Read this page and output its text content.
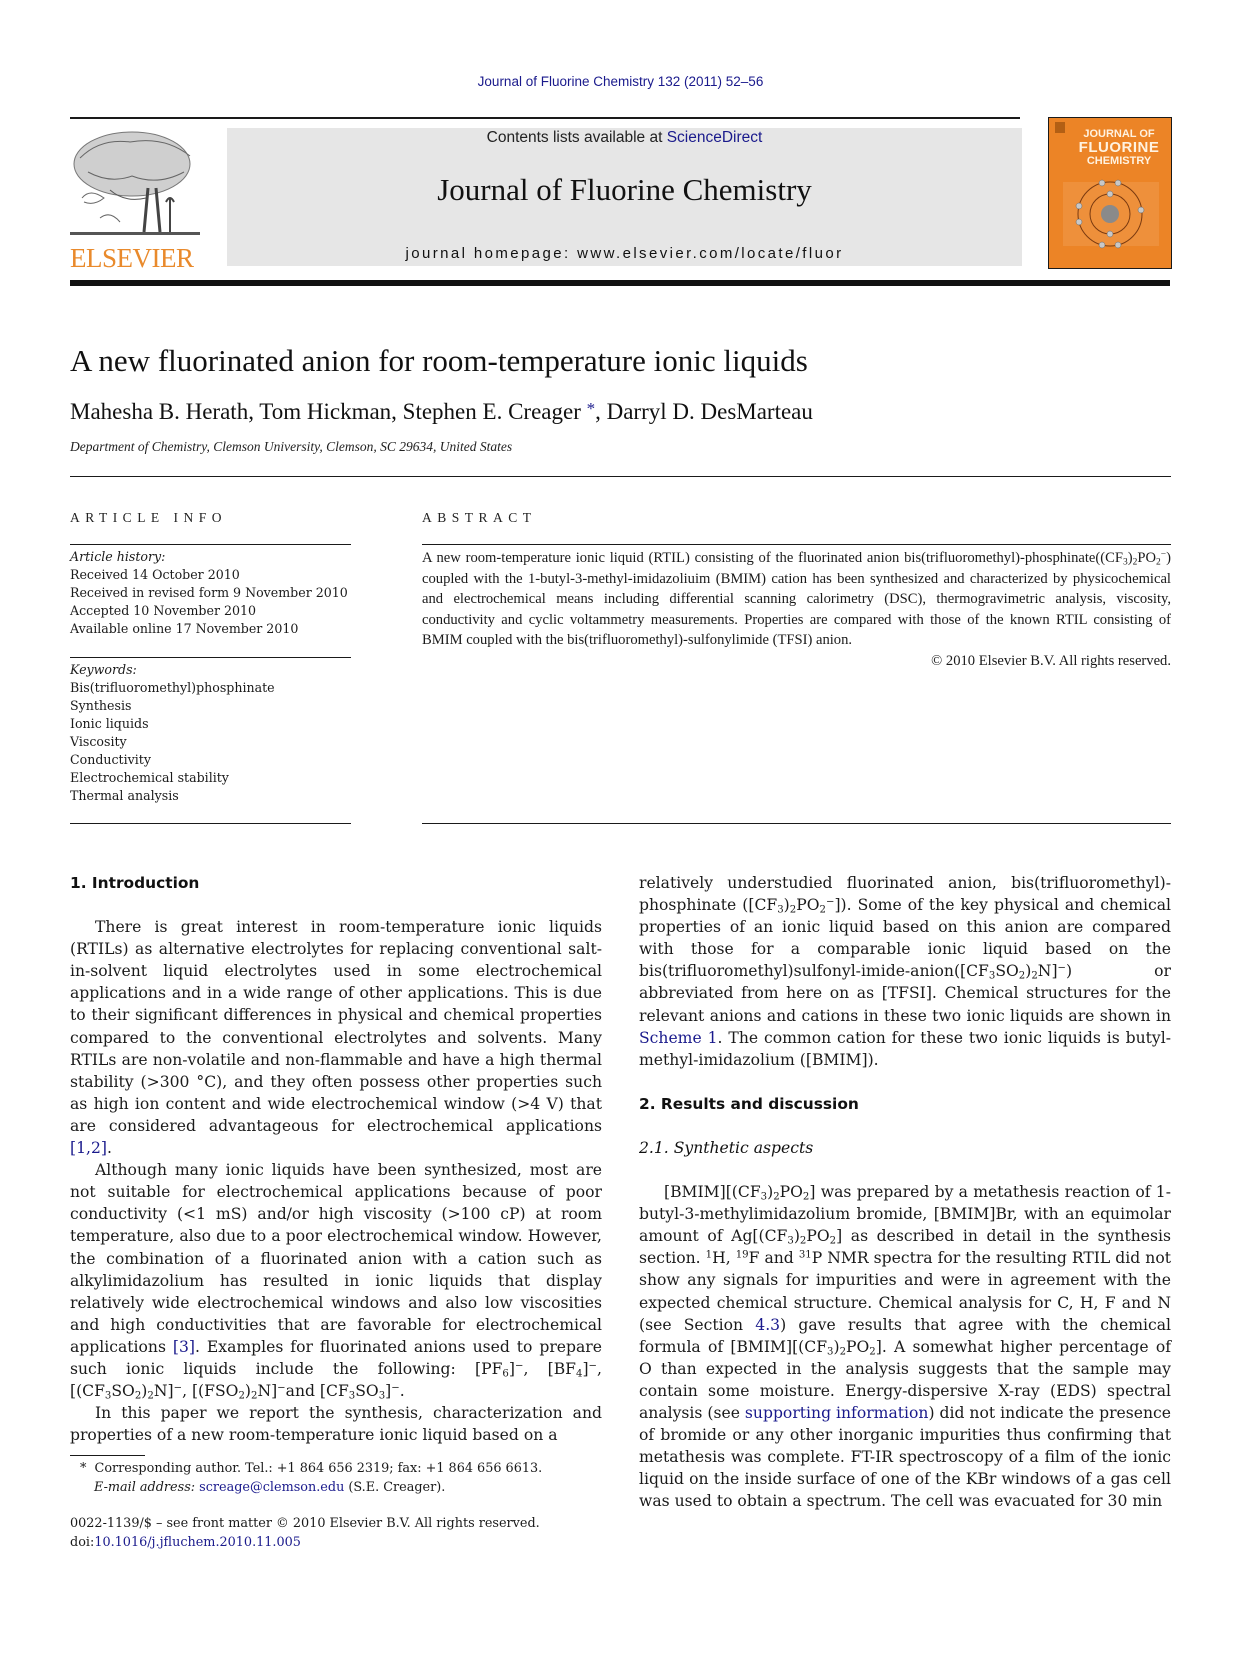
Journal of Fluorine Chemistry 132 (2011) 52–56
ELSEVIER
Contents lists available at ScienceDirect
Journal of Fluorine Chemistry
journal homepage: www.elsevier.com/locate/fluor
JOURNAL OF
FLUORINE
CHEMISTRY
A new fluorinated anion for room-temperature ionic liquids
Mahesha B. Herath, Tom Hickman, Stephen E. Creager *, Darryl D. DesMarteau
Department of Chemistry, Clemson University, Clemson, SC 29634, United States
ARTICLE INFO
Article history:
Received 14 October 2010
Received in revised form 9 November 2010
Accepted 10 November 2010
Available online 17 November 2010
Keywords:
Bis(trifluoromethyl)phosphinate
Synthesis
Ionic liquids
Viscosity
Conductivity
Electrochemical stability
Thermal analysis
ABSTRACT
A new room-temperature ionic liquid (RTIL) consisting of the fluorinated anion $bis(trifluoromethyl)-phosphinate((CF_3)_2PO_2^-)$ coupled with the 1-butyl-3-methyl-imidazoliuim (BMIM) cation has been synthesized and characterized by physicochemical and electrochemical means including differential scanning calorimetry (DSC), thermogravimetric analysis, viscosity, conductivity and cyclic voltammetry measurements. Properties are compared with those of the known RTIL consisting of BMIM coupled with the bis(trifluoromethyl)-sulfonylimide (TFSI) anion.
© 2010 Elsevier B.V. All rights reserved.
1. Introduction

There is great interest in room-temperature ionic liquids (RTILs) as alternative electrolytes for replacing conventional salt-in-solvent liquid electrolytes used in some electrochemical applications and in a wide range of other applications. This is due to their significant differences in physical and chemical properties compared to the conventional electrolytes and solvents. Many RTILs are non-volatile and non-flammable and have a high thermal stability (>300 °C), and they often possess other properties such as high ion content and wide electrochemical window (>4 V) that are considered advantageous for electrochemical applications [1,2].

Although many ionic liquids have been synthesized, most are not suitable for electrochemical applications because of poor conductivity (<1 mS) and/or high viscosity (>100 cP) at room temperature, also due to a poor electrochemical window. However, the combination of a fluorinated anion with a cation such as alkylimidazolium has resulted in ionic liquids that display relatively wide electrochemical windows and also low viscosities and high conductivities that are favorable for electrochemical applications [3]. Examples for fluorinated anions used to prepare such ionic liquids include the following: $[PF_6]^-$, $[BF_4]^-$, $[(CF_3SO_2)_2N]^-$, $[(FSO_2)_2N]^-and$ $[CF_3SO_3]^-$.

In this paper we report the synthesis, characterization and properties of a new room-temperature ionic liquid based on a

* Corresponding author. Tel.: +1 864 656 2319; fax: +1 864 656 6613.
E-mail address: screage@clemson.edu (S.E. Creager).
0022-1139/$ – see front matter © 2010 Elsevier B.V. All rights reserved.
doi:10.1016/j.jfluchem.2010.11.005

relatively understudied fluorinated anion, bis(trifluoromethyl)-phosphinate $([CF_3)_2PO_2^-]$). Some of the key physical and chemical properties of an ionic liquid based on this anion are compared with those for a comparable ionic liquid based on the $bis(trifluoromethyl)sulfonyl-imide-anion([CF_3SO_2)_2N]^-$) or abbreviated from here on as [TFSI]. Chemical structures for the relevant anions and cations in these two ionic liquids are shown in Scheme 1. The common cation for these two ionic liquids is butyl-methyl-imidazolium ([BMIM]).

2. Results and discussion
2.1. Synthetic aspects

$[BMIM][(CF_3)_2PO_2]$ was prepared by a metathesis reaction of 1-butyl-3-methylimidazolium bromide, [BMIM]Br, with an equimolar amount of $Ag[(CF_3)_2PO_2]$ as described in detail in the synthesis section. $^1$H, $^{19}$F and $^{31}$P NMR spectra for the resulting RTIL did not show any signals for impurities and were in agreement with the expected chemical structure. Chemical analysis for C, H, F and N (see Section 4.3) gave results that agree with the chemical formula of $[BMIM][(CF_3)_2PO_2]$. A somewhat higher percentage of O than expected in the analysis suggests that the sample may contain some moisture. Energy-dispersive X-ray (EDS) spectral analysis (see supporting information) did not indicate the presence of bromide or any other inorganic impurities thus confirming that metathesis was complete. FT-IR spectroscopy of a film of the ionic liquid on the inside surface of one of the KBr windows of a gas cell was used to obtain a spectrum. The cell was evacuated for 30 min
